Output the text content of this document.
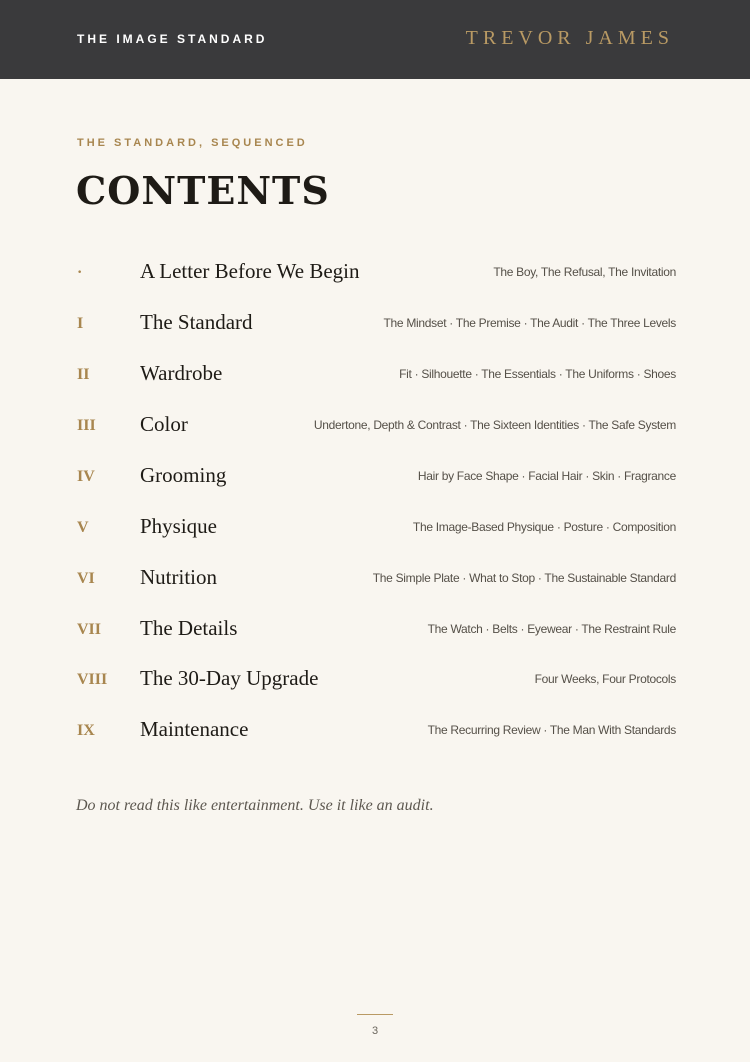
THE IMAGE STANDARD	TREVOR JAMES
THE STANDARD, SEQUENCED
CONTENTS
·	A Letter Before We Begin	The Boy, The Refusal, The Invitation
I	The Standard	The Mindset · The Premise · The Audit · The Three Levels
II Wardrobe	Fit · Silhouette · The Essentials · The Uniforms · Shoes
III Color	Undertone, Depth & Contrast · The Sixteen Identities · The Safe System
IV Grooming	Hair by Face Shape · Facial Hair · Skin · Fragrance
V Physique	The Image-Based Physique · Posture · Composition
VI Nutrition	The Simple Plate · What to Stop · The Sustainable Standard
VII The Details	The Watch · Belts · Eyewear · The Restraint Rule
VIII The 30-Day Upgrade	Four Weeks, Four Protocols
IX Maintenance	The Recurring Review · The Man With Standards
Do not read this like entertainment. Use it like an audit.
3
